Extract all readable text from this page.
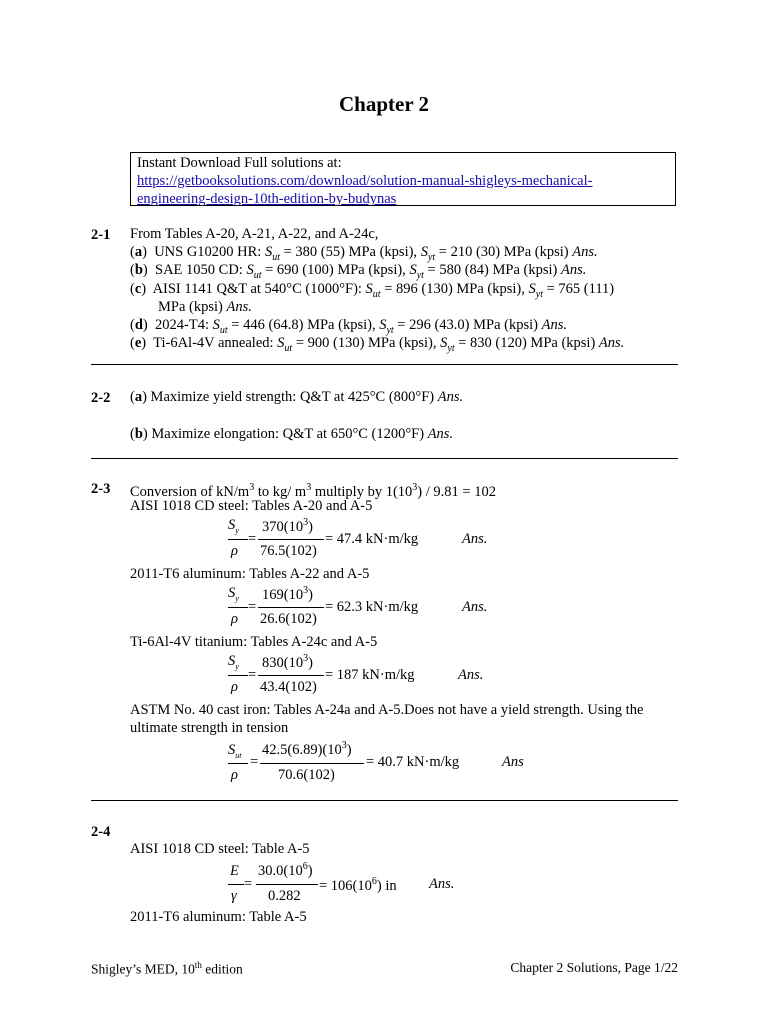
Chapter 2
Instant Download Full solutions at:
https://getbooksolutions.com/download/solution-manual-shigleys-mechanical-
engineering-design-10th-edition-by-budynas
2-1 From Tables A-20, A-21, A-22, and A-24c,
(a)  UNS G10200 HR: $S_{ut} = 380$ (55) MPa (kpsi), $S_{yt} = 210$ (30) MPa (kpsi) Ans.
(b)  SAE 1050 CD: $S_{ut} = 690$ (100) MPa (kpsi), $S_{yt} = 580$ (84) MPa (kpsi) Ans.
(c)  AISI 1141 Q&T at 540°C (1000°F): $S_{ut} = 896$ (130) MPa (kpsi), $S_{yt} = 765$ (111)
MPa (kpsi) Ans.
(d)  2024-T4: $S_{ut} = 446$ (64.8) MPa (kpsi), $S_{yt} = 296$ (43.0) MPa (kpsi) Ans.
(e)  Ti-6Al-4V annealed: $S_{ut} = 900$ (130) MPa (kpsi), $S_{yt} = 830$ (120) MPa (kpsi) Ans.
2-2 (a) Maximize yield strength: Q&T at 425°C (800°F) Ans.
(b) Maximize elongation: Q&T at 650°C (1200°F) Ans.
2-3 Conversion of $kN/m^3$ to kg/ $m^3$ multiply by $1(10^3) / 9.81 = 102$
AISI 1018 CD steel: Tables A-20 and A-5
$S_y$
ρ
=
$370(10^3)$
76.5(102)
= 47.4 kN·m/kg	Ans.
2011-T6 aluminum: Tables A-22 and A-5
$S_y$
ρ
=
$169(10^3)$
26.6(102)
= 62.3 kN·m/kg	Ans.
Ti-6Al-4V titanium: Tables A-24c and A-5
$S_y$
ρ
=
$830(10^3)$
43.4(102)
= 187 kN·m/kg	Ans.
ASTM No. 40 cast iron: Tables A-24a and A-5.Does not have a yield strength. Using the
ultimate strength in tension
$S_{ut}$
ρ
=
$42.5(6.89)(10^3)$
70.6(102)
= 40.7 kN·m/kg	Ans
2-4
AISI 1018 CD steel: Table A-5
E
γ
=
$30.0(10^6)$
0.282
= $106(10^6)$ in Ans.
2011-T6 aluminum: Table A-5
Shigley’s MED, 10th edition	Chapter 2 Solutions, Page 1/22
